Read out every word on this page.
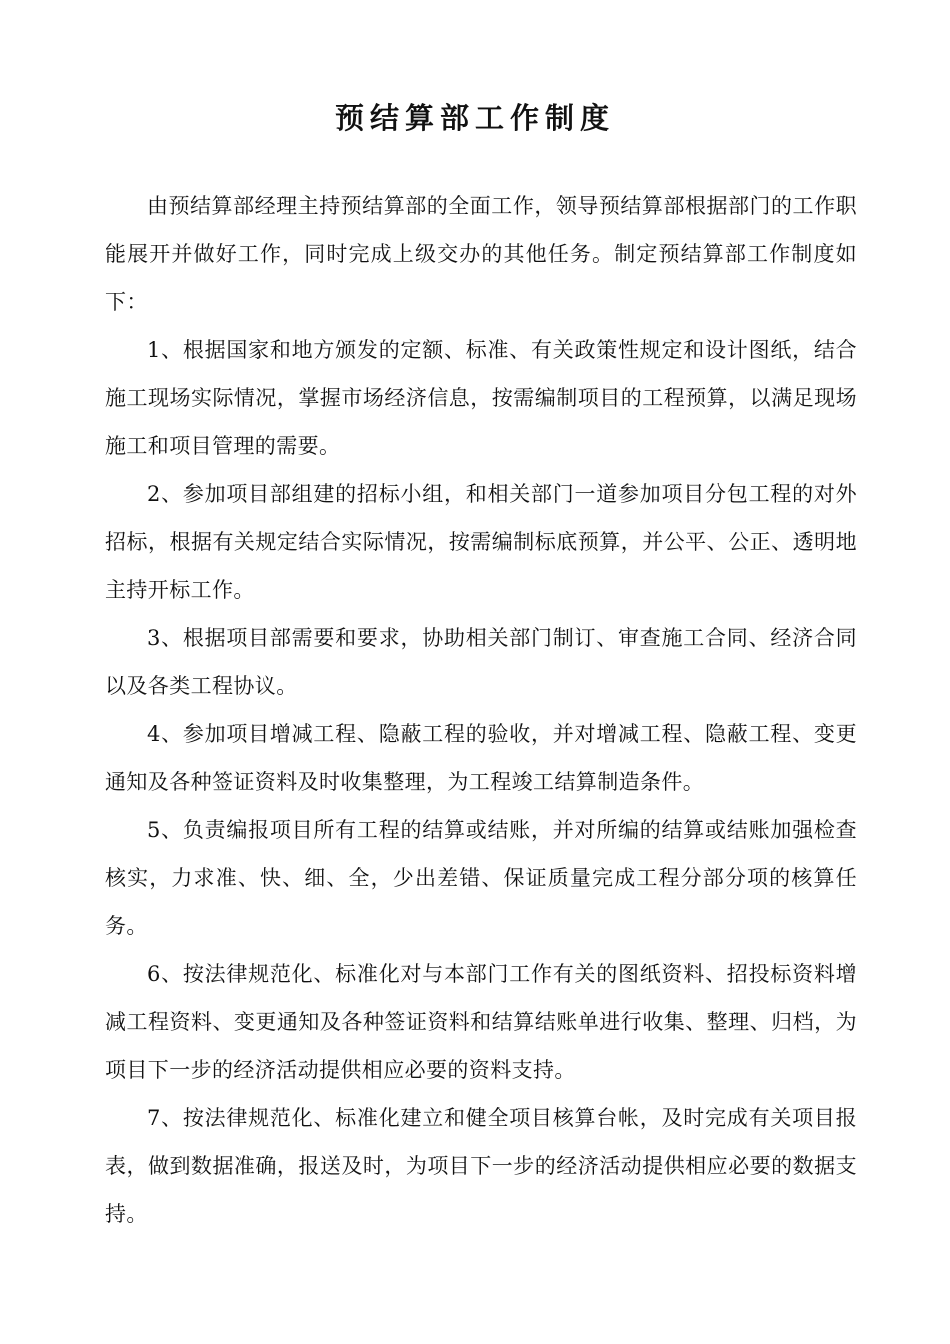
预结算部工作制度

由预结算部经理主持预结算部的全面工作，领导预结算部根据部门的工作职能展开并做好工作，同时完成上级交办的其他任务。制定预结算部工作制度如下：

1、根据国家和地方颁发的定额、标准、有关政策性规定和设计图纸，结合施工现场实际情况，掌握市场经济信息，按需编制项目的工程预算，以满足现场施工和项目管理的需要。

2、参加项目部组建的招标小组，和相关部门一道参加项目分包工程的对外招标，根据有关规定结合实际情况，按需编制标底预算，并公平、公正、透明地主持开标工作。

3、根据项目部需要和要求，协助相关部门制订、审查施工合同、经济合同以及各类工程协议。

4、参加项目增减工程、隐蔽工程的验收，并对增减工程、隐蔽工程、变更通知及各种签证资料及时收集整理，为工程竣工结算制造条件。

5、负责编报项目所有工程的结算或结账，并对所编的结算或结账加强检查核实，力求准、快、细、全，少出差错、保证质量完成工程分部分项的核算任务。

6、按法律规范化、标准化对与本部门工作有关的图纸资料、招投标资料增减工程资料、变更通知及各种签证资料和结算结账单进行收集、整理、归档，为项目下一步的经济活动提供相应必要的资料支持。

7、按法律规范化、标准化建立和健全项目核算台帐，及时完成有关项目报表，做到数据准确，报送及时，为项目下一步的经济活动提供相应必要的数据支持。
